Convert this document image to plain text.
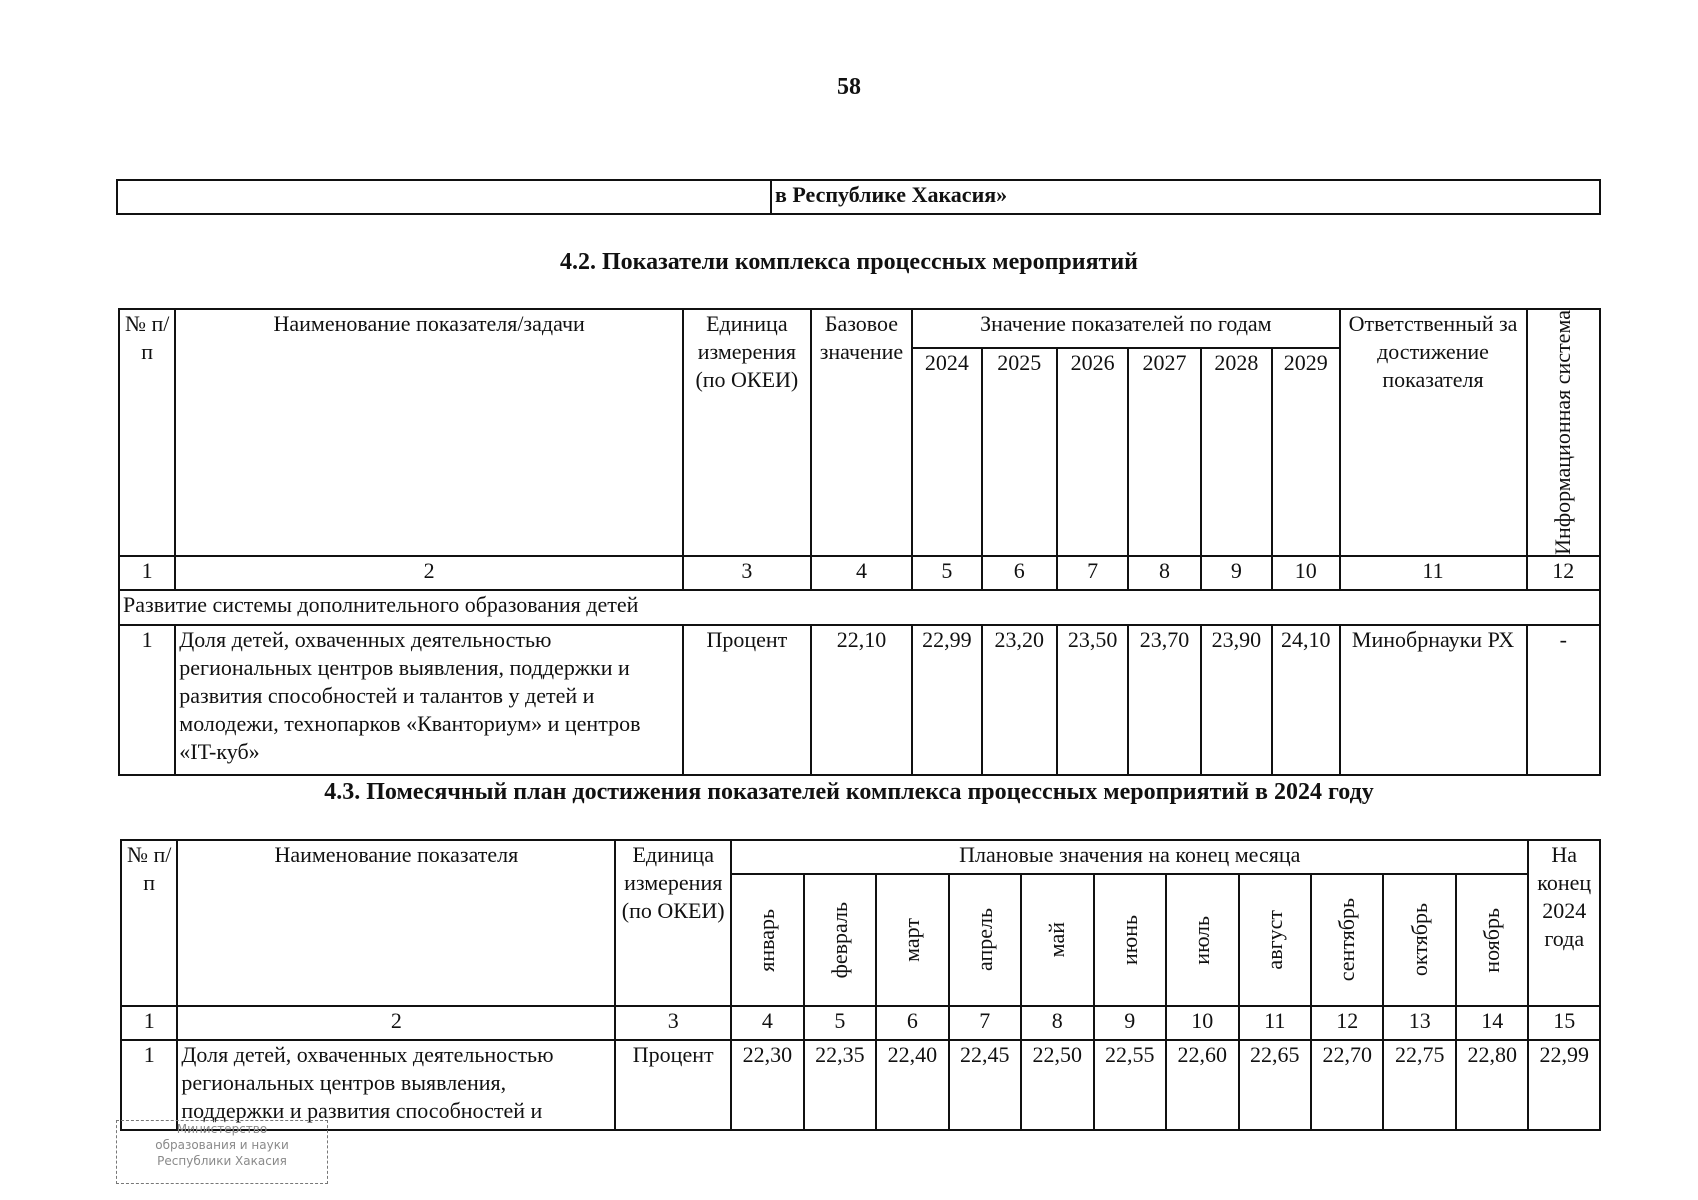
58
	в Республике Хакасия»
4.2. Показатели комплекса процессных мероприятий
№ п/п	Наименование показателя/задачи	Единица измерения (по ОКЕИ)	Базовое значение	Значение показателей по годам						Ответственный за достижение показателя	Информационная система

				2024	2025	2026	2027	2028	2029		
1	2	3	4	5	6	7	8	9	10	11	12
Развитие системы дополнительного образования детей											
1	Доля детей, охваченных деятельностью региональных центров выявления, поддержки и развития способностей и талантов у детей и молодежи, технопарков «Кванториум» и центров «IT-куб»	Процент	22,10	22,99	23,20	23,50	23,70	23,90	24,10	Минобрнауки РХ	-
4.3. Помесячный план достижения показателей комплекса процессных мероприятий в 2024 году
№ п/п	Наименование показателя	Единица измерения (по ОКЕИ)	Плановые значения на конец месяца											На конец 2024 года

			январь	февраль	март	апрель	май	июнь	июль	август	сентябрь	октябрь	ноябрь	

1	2	3	4	5	6	7	8	9	10	11	12	13	14	15
1	Доля детей, охваченных деятельностью региональных центров выявления, поддержки и развития способностей и	Процент	22,30	22,35	22,40	22,45	22,50	22,55	22,60	22,65	22,70	22,75	22,80	22,99
Министерство
образования и науки
Республики Хакасия
